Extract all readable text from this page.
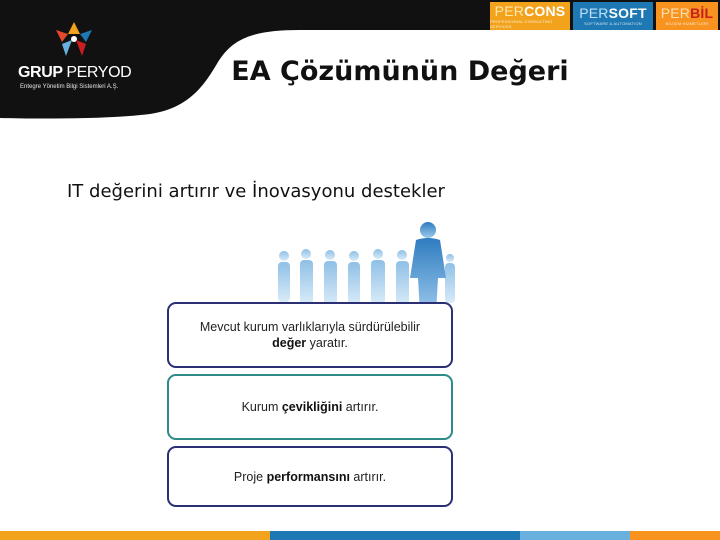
PERCONS
PROFESSIONAL CONSULTING SERVICES
PERSOFT
SOFTWARE & AUTOMATION
PERBİL
BİLİŞİM HİZMETLERİ
GRUP PERYOD
Entegre Yönetim Bilgi Sistemleri A.Ş.	EA Çözümünün Değeri
IT değerini artırır ve İnovasyonu destekler
Mevcut kurum varlıklarıyla sürdürülebilir
değer yaratır.
Kurum çevikliğini artırır.
Proje performansını artırır.
